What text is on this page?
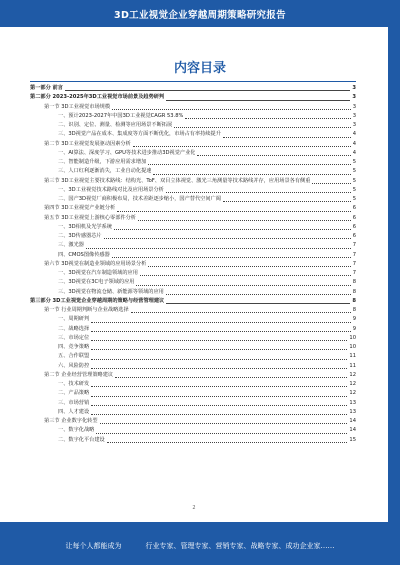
3D工业视觉企业穿越周期策略研究报告
内容目录
第一部分 前言	3
第二部分 2023-2025年3D工业视觉市场前景及趋势研判	3
第一节 3D工业视觉市场规模	3
一、预计2023-2027年中国3D工业视觉CAGR 53.8%	3
二、识别、定位、测量、检测等应用场景不断拓展	3
三、3D视觉产品在成本、集成度等方面不断优化，市场占有率持续提升	4
第二节 3D工业视觉发展驱动因素分析	4
一、AI算法、深度学习、GPU等技术进步推动3D视觉产业化	4
二、智能制造升级，下游应用需求增加	5
三、人口红利逐渐消失，工业自动化提速	5
第三节 3D工业视觉主要技术路线：结构光、ToF、双目立体视觉、激光三角测量等技术路线并存，应用场景各有侧重	5
一、3D工业视觉技术路线对比及应用场景分析	5
二、国产3D视觉厂商积极布局，技术差距逐步缩小，国产替代空间广阔	5
第四节 3D工业视觉产业链分析	6
第五节 3D工业视觉上游核心零部件分析	6
一、3D相机及光学系统	6
二、3D传感器芯片	6
三、激光器	7
四、CMOS图像传感器	7
第六节 3D视觉在制造业领域的应用场景分析	7
一、3D视觉在汽车制造领域的应用	7
二、3D视觉在3C电子领域的应用	8
三、3D视觉在物流仓储、新能源等领域的应用	8
第三部分 3D工业视觉企业穿越周期的策略与经营管理建议	8
第一节 行业周期判断与企业战略选择	8
一、周期研判	9
二、战略选择	9
三、市场定位	10
四、竞争策略	10
五、合作联盟	11
六、风险防控	11
第二节 企业经营管理策略建议	12
一、技术研发	12
二、产品策略	12
三、市场营销	13
四、人才建设	13
第三节 企业数字化转型	14
一、数字化战略	14
二、数字化平台建设	15
2
让每个人都能成为	行业专家、管理专家、营销专家、战略专家、成功企业家……
